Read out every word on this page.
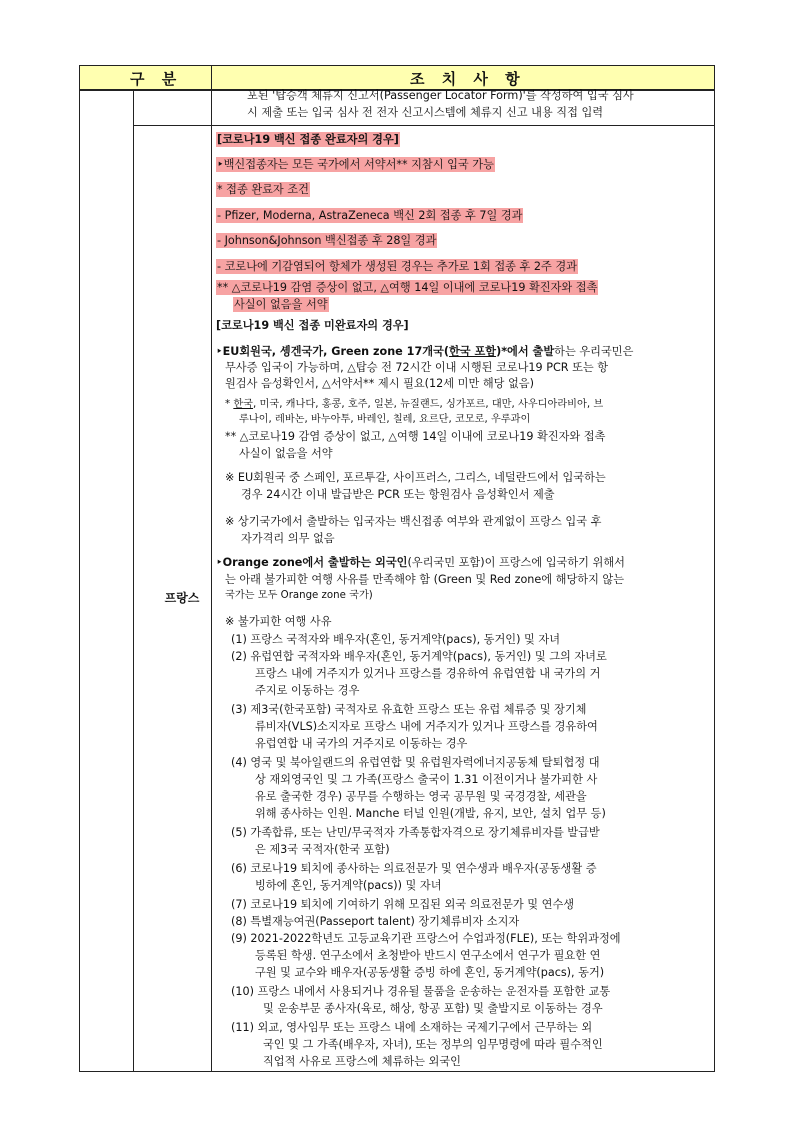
구 분	조 치 사 항
프랑스
포된 '탑승객 체류지 신고서(Passenger Locator Form)'를 작성하여 입국 심사
시 제출 또는 입국 심사 전 전자 신고시스템에 체류지 신고 내용 직접 입력
[코로나19 백신 접종 완료자의 경우]
‣백신접종자는 모든 국가에서 서약서** 지참시 입국 가능
* 접종 완료자 조건
- Pfizer, Moderna, AstraZeneca 백신 2회 접종 후 7일 경과
- Johnson&Johnson 백신접종 후 28일 경과
- 코로나에 기감염되어 항체가 생성된 경우는 추가로 1회 접종 후 2주 경과
** △코로나19 감염 증상이 없고, △여행 14일 이내에 코로나19 확진자와 접촉
사실이 없음을 서약
[코로나19 백신 접종 미완료자의 경우]
‣EU회원국, 솅겐국가, Green zone 17개국(한국 포함)*에서 출발하는 우리국민은
무사증 입국이 가능하며, △탑승 전 72시간 이내 시행된 코로나19 PCR 또는 항
원검사 음성확인서, △서약서** 제시 필요(12세 미만 해당 없음)
* 한국, 미국, 캐나다, 홍콩, 호주, 일본, 뉴질랜드, 싱가포르, 대만, 사우디아라비아, 브
루나이, 레바논, 바누아투, 바레인, 칠레, 요르단, 코모로, 우루과이
** △코로나19 감염 증상이 없고, △여행 14일 이내에 코로나19 확진자와 접촉
사실이 없음을 서약
※ EU회원국 중 스페인, 포르투갈, 사이프러스, 그리스, 네덜란드에서 입국하는
경우 24시간 이내 발급받은 PCR 또는 항원검사 음성확인서 제출
※ 상기국가에서 출발하는 입국자는 백신접종 여부와 관계없이 프랑스 입국 후
자가격리 의무 없음
‣Orange zone에서 출발하는 외국인(우리국민 포함)이 프랑스에 입국하기 위해서
는 아래 불가피한 여행 사유를 만족해야 함 (Green 및 Red zone에 해당하지 않는
국가는 모두 Orange zone 국가)
※ 불가피한 여행 사유
(1) 프랑스 국적자와 배우자(혼인, 동거계약(pacs), 동거인) 및 자녀
(2) 유럽연합 국적자와 배우자(혼인, 동거계약(pacs), 동거인) 및 그의 자녀로
프랑스 내에 거주지가 있거나 프랑스를 경유하여 유럽연합 내 국가의 거
주지로 이동하는 경우
(3) 제3국(한국포함) 국적자로 유효한 프랑스 또는 유럽 체류증 및 장기체
류비자(VLS)소지자로 프랑스 내에 거주지가 있거나 프랑스를 경유하여
유럽연합 내 국가의 거주지로 이동하는 경우
(4) 영국 및 북아일랜드의 유럽연합 및 유럽원자력에너지공동체 탈퇴협정 대
상 재외영국인 및 그 가족(프랑스 출국이 1.31 이전이거나 불가피한 사
유로 출국한 경우) 공무를 수행하는 영국 공무원 및 국경경찰, 세관을
위해 종사하는 인원. Manche 터널 인원(개발, 유지, 보안, 설치 업무 등)
(5) 가족합류, 또는 난민/무국적자 가족통합자격으로 장기체류비자를 발급받
은 제3국 국적자(한국 포함)
(6) 코로나19 퇴치에 종사하는 의료전문가 및 연수생과 배우자(공동생활 증
빙하에 혼인, 동거계약(pacs)) 및 자녀
(7) 코로나19 퇴치에 기여하기 위해 모집된 외국 의료전문가 및 연수생
(8) 특별재능여권(Passeport talent) 장기체류비자 소지자
(9) 2021-2022학년도 고등교육기관 프랑스어 수업과정(FLE), 또는 학위과정에
등록된 학생. 연구소에서 초청받아 반드시 연구소에서 연구가 필요한 연
구원 및 교수와 배우자(공동생활 증빙 하에 혼인, 동거계약(pacs), 동거)
(10) 프랑스 내에서 사용되거나 경유될 물품을 운송하는 운전자를 포함한 교통
및 운송부문 종사자(육로, 해상, 항공 포함) 및 출발지로 이동하는 경우
(11) 외교, 영사임무 또는 프랑스 내에 소재하는 국제기구에서 근무하는 외
국인 및 그 가족(배우자, 자녀), 또는 정부의 임무명령에 따라 필수적인
직업적 사유로 프랑스에 체류하는 외국인
